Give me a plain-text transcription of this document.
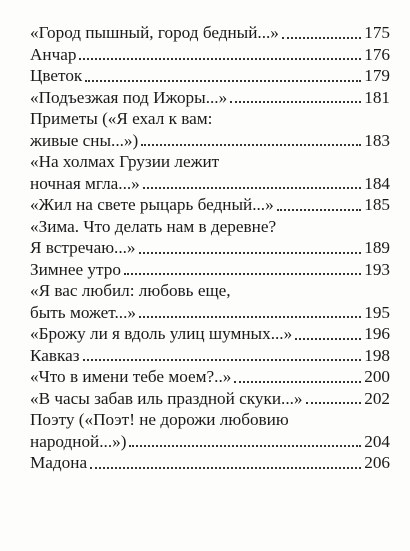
«Город пышный, город бедный...»	175
Анчар	176
Цветок	179
«Подъезжая под Ижоры...»	181
Приметы («Я ехал к вам:
живые сны...»)	183
«На холмах Грузии лежит
ночная мгла...»	184
«Жил на свете рыцарь бедный...»	185
«Зима. Что делать нам в деревне?
Я встречаю...»	189
Зимнее утро	193
«Я вас любил: любовь еще,
быть может...»	195
«Брожу ли я вдоль улиц шумных...»	196
Кавказ	198
«Что в имени тебе моем?..»	200
«В часы забав иль праздной скуки...»	202
Поэту («Поэт! не дорожи любовию
народной...»)	204
Мадона	206
